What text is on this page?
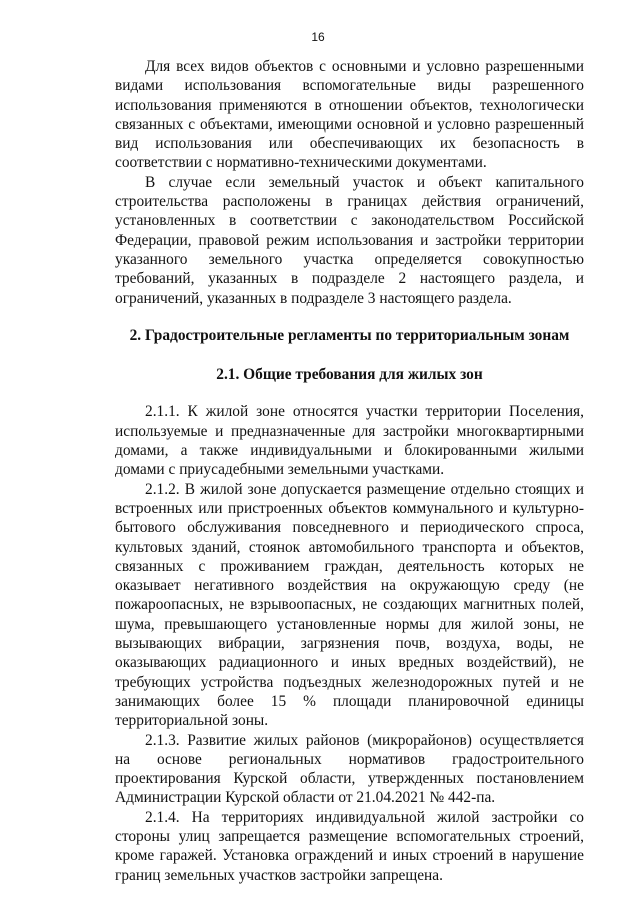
16

Для всех видов объектов с основными и условно разрешенными видами использования вспомогательные виды разрешенного использования применяются в отношении объектов, технологически связанных с объектами, имеющими основной и условно разрешенный вид использования или обеспечивающих их безопасность в соответствии с нормативно-техническими документами.

В случае если земельный участок и объект капитального строительства расположены в границах действия ограничений, установленных в соответствии с законодательством Российской Федерации, правовой режим использования и застройки территории указанного земельного участка определяется совокупностью требований, указанных в подразделе 2 настоящего раздела, и ограничений, указанных в подразделе 3 настоящего раздела.

2. Градостроительные регламенты по территориальным зонам

2.1. Общие требования для жилых зон

2.1.1. К жилой зоне относятся участки территории Поселения, используемые и предназначенные для застройки многоквартирными домами, а также индивидуальными и блокированными жилыми домами с приусадебными земельными участками.

2.1.2. В жилой зоне допускается размещение отдельно стоящих и встроенных или пристроенных объектов коммунального и культурно-бытового обслуживания повседневного и периодического спроса, культовых зданий, стоянок автомобильного транспорта и объектов, связанных с проживанием граждан, деятельность которых не оказывает негативного воздействия на окружающую среду (не пожароопасных, не взрывоопасных, не создающих магнитных полей, шума, превышающего установленные нормы для жилой зоны, не вызывающих вибрации, загрязнения почв, воздуха, воды, не оказывающих радиационного и иных вредных воздействий), не требующих устройства подъездных железнодорожных путей и не занимающих более 15 % площади планировочной единицы территориальной зоны.

2.1.3. Развитие жилых районов (микрорайонов) осуществляется на основе региональных нормативов градостроительного проектирования Курской области, утвержденных постановлением Администрации Курской области от 21.04.2021 № 442-па.

2.1.4. На территориях индивидуальной жилой застройки со стороны улиц запрещается размещение вспомогательных строений, кроме гаражей. Установка ограждений и иных строений в нарушение границ земельных участков застройки запрещена.
